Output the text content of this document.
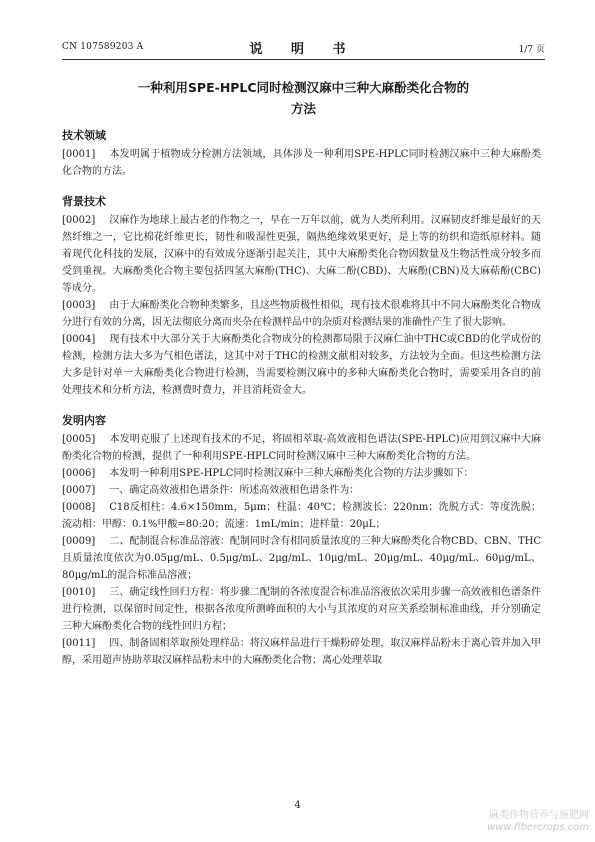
CN 107589203 A	说 明 书	1/7 页
一种利用SPE-HPLC同时检测汉麻中三种大麻酚类化合物的
方法
技术领域

[0001] 本发明属于植物成分检测方法领域，具体涉及一种利用SPE-HPLC同时检测汉麻中三种大麻酚类化合物的方法。

背景技术

[0002] 汉麻作为地球上最古老的作物之一，早在一万年以前，就为人类所利用。汉麻韧皮纤维是最好的天然纤维之一，它比棉花纤维更长，韧性和吸湿性更强，隔热绝缘效果更好，是上等的纺织和造纸原材料。随着现代化科技的发展，汉麻中的有效成分逐渐引起关注，其中大麻酚类化合物因数量及生物活性成分较多而受到重视。大麻酚类化合物主要包括四氢大麻酚(THC)、大麻二酚(CBD)、大麻酚(CBN)及大麻萜酚(CBC)等成分。

[0003] 由于大麻酚类化合物种类繁多，且这些物质极性相似，现有技术很难将其中不同大麻酚类化合物成分进行有效的分离，因无法彻底分离而夹杂在检测样品中的杂质对检测结果的准确性产生了很大影响。

[0004] 现有技术中大部分关于大麻酚类化合物成分的检测都局限于汉麻仁油中THC或CBD的化学成份的检测，检测方法大多为气相色谱法，这其中对于THC的检测文献相对较多，方法较为全面。但这些检测方法大多是针对单一大麻酚类化合物进行检测，当需要检测汉麻中的多种大麻酚类化合物时，需要采用各自的前处理技术和分析方法，检测费时费力，并且消耗资金大。

发明内容

[0005] 本发明克服了上述现有技术的不足，将固相萃取-高效液相色谱法(SPE-HPLC)应用到汉麻中大麻酚类化合物的检测，提供了一种利用SPE-HPLC同时检测汉麻中三种大麻酚类化合物的方法。

[0006] 本发明一种利用SPE-HPLC同时检测汉麻中三种大麻酚类化合物的方法步骤如下：

[0007] 一、确定高效液相色谱条件：所述高效液相色谱条件为：

[0008] C18反相柱：4.6×150mm，5μm；柱温：40℃；检测波长：220nm；洗脱方式：等度洗脱；流动相：甲醇：0.1%甲酸=80:20；流速：1mL/min；进样量：20μL；

[0009] 二、配制混合标准品溶液：配制同时含有相同质量浓度的三种大麻酚类化合物CBD、CBN、THC且质量浓度依次为0.05μg/mL、0.5μg/mL、2μg/mL、10μg/mL、20μg/mL、40μg/mL、60μg/mL、80μg/mL的混合标准品溶液；

[0010] 三、确定线性回归方程：将步骤二配制的各浓度混合标准品溶液依次采用步骤一高效液相色谱条件进行检测，以保留时间定性，根据各浓度所测峰面积的大小与其浓度的对应关系绘制标准曲线，并分别确定三种大麻酚类化合物的线性回归方程；

[0011] 四、制备固相萃取预处理样品：将汉麻样品进行干燥粉碎处理，取汉麻样品粉末于离心管并加入甲醇，采用超声协助萃取汉麻样品粉末中的大麻酚类化合物；离心处理萃取

4
麻类作物营养与施肥网
www.fibercrops.com
